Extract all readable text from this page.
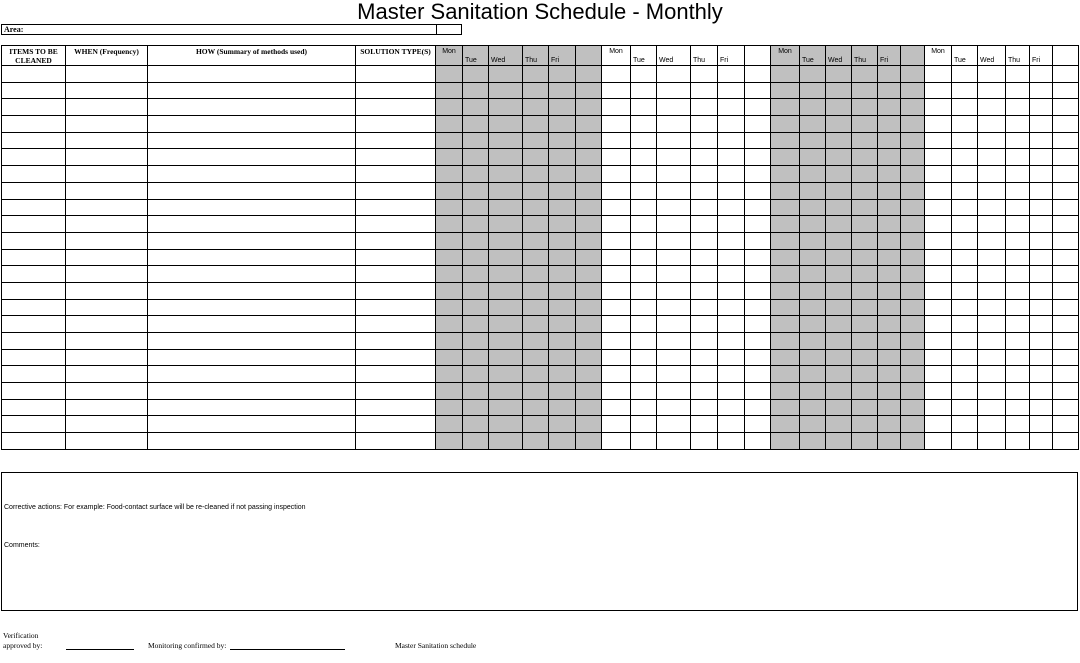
Master Sanitation Schedule - Monthly
Area:
ITEMS TO BE CLEANED	WHEN (Frequency)	HOW (Summary of methods used)	SOLUTION TYPE(S)	Mon	Tue	Wed	Thu	Fri		Mon	Tue	Wed	Thu	Fri		Mon	Tue	Wed	Thu	Fri		Mon	Tue	Wed	Thu	Fri	

Corrective actions: For example: Food-contact surface will be re-cleaned if not passing inspection
Comments:
Verification approved by:	Monitoring confirmed by:	Master Sanitation schedule
